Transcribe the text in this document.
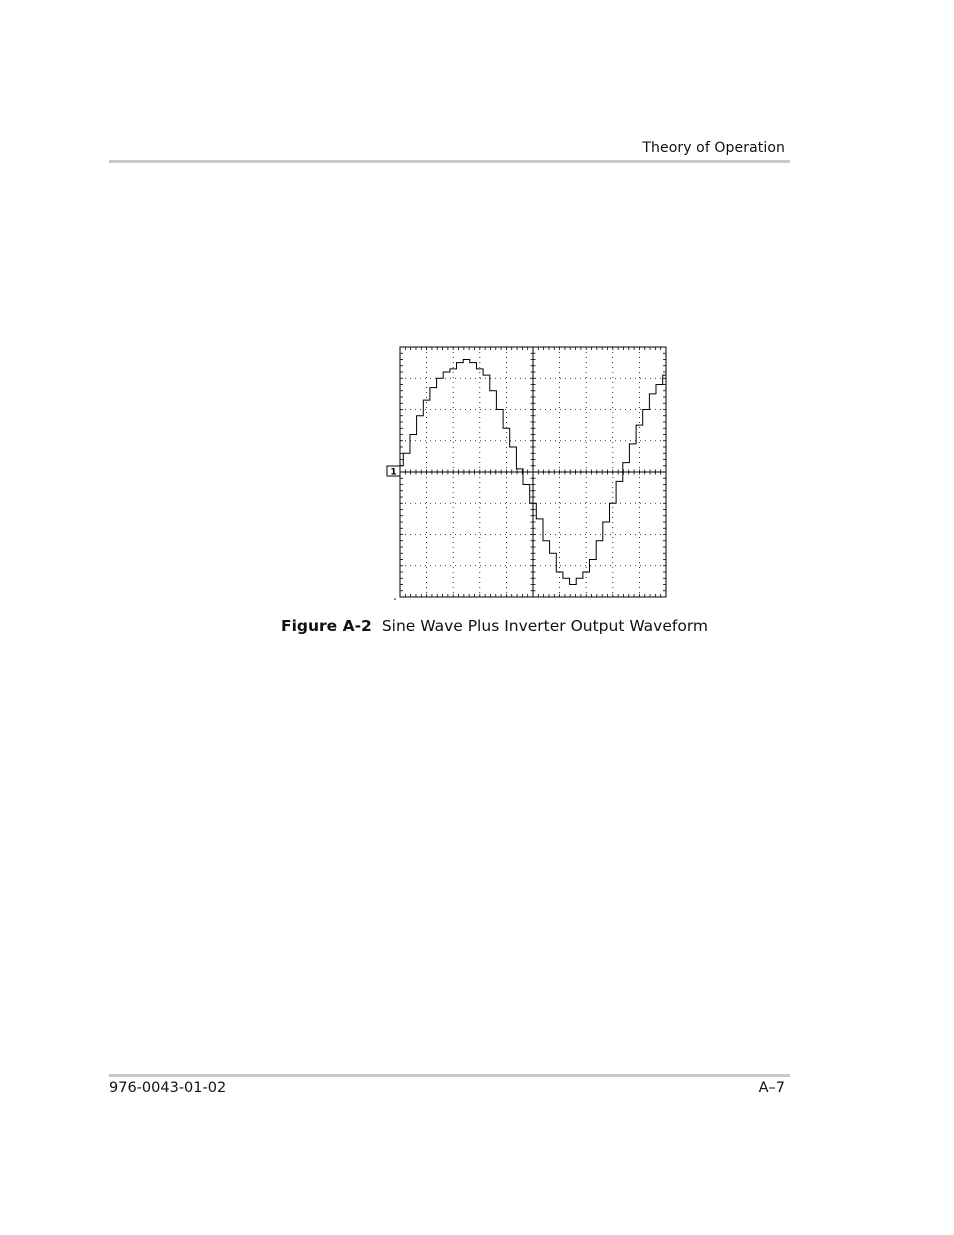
Theory of Operation
1
Figure A-2 Sine Wave Plus Inverter Output Waveform
976-0043-01-02	A–7
